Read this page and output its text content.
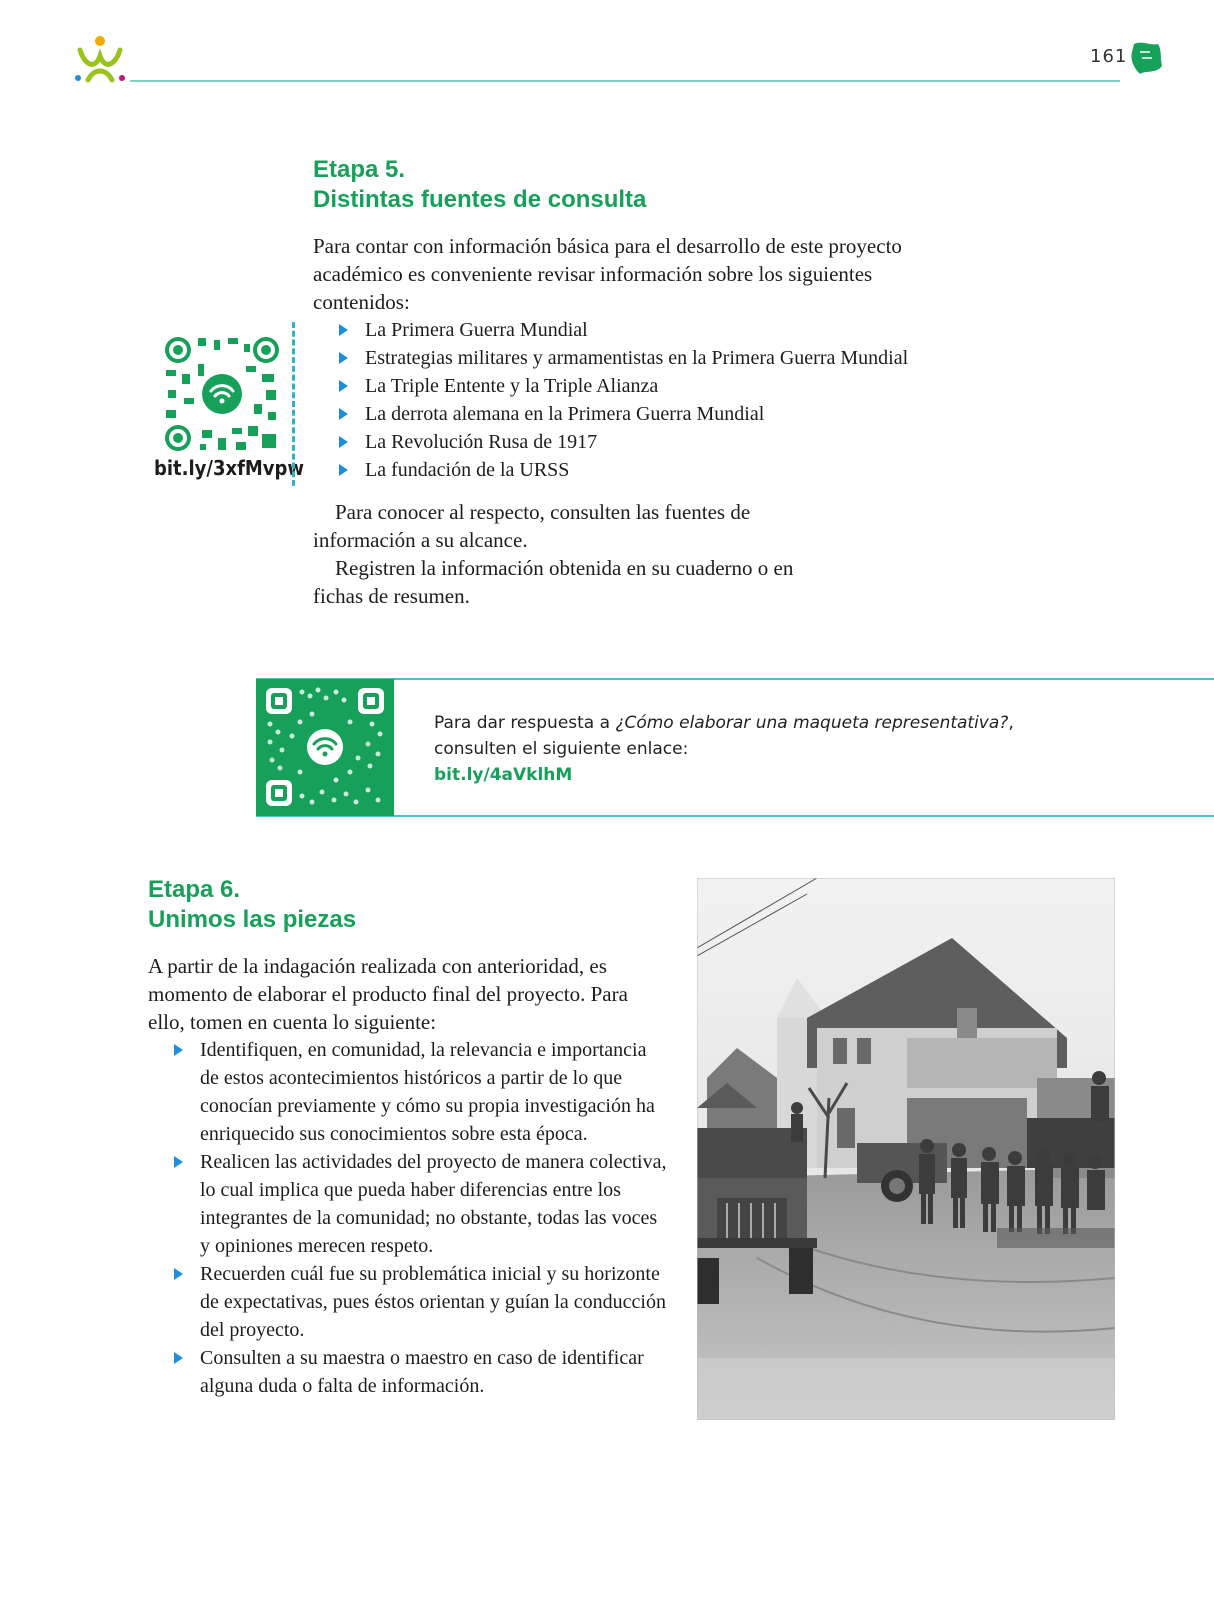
161
Etapa 5.
Distintas fuentes de consulta

Para contar con información básica para el desarrollo de este proyecto académico es conveniente revisar información sobre los siguientes contenidos:

La Primera Guerra Mundial
Estrategias militares y armamentistas en la Primera Guerra Mundial
La Triple Entente y la Triple Alianza
La derrota alemana en la Primera Guerra Mundial
La Revolución Rusa de 1917
La fundación de la URSS

Para conocer al respecto, consulten las fuentes de información a su alcance.

Registren la información obtenida en su cuaderno o en fichas de resumen.

bit.ly/3xfMvpw
Para dar respuesta a ¿Cómo elaborar una maqueta representativa?,
consulten el siguiente enlace:
bit.ly/4aVklhM
Etapa 6.
Unimos las piezas

A partir de la indagación realizada con anterioridad, es momento de elaborar el producto final del proyecto. Para ello, tomen en cuenta lo siguiente:

Identifiquen, en comunidad, la relevancia e importancia de estos acontecimientos históricos a partir de lo que conocían previamente y cómo su propia investigación ha enriquecido sus conocimientos sobre esta época.
Realicen las actividades del proyecto de manera colectiva, lo cual implica que pueda haber diferencias entre los integrantes de la comunidad; no obstante, todas las voces y opiniones merecen respeto.
Recuerden cuál fue su problemática inicial y su horizonte de expectativas, pues éstos orientan y guían la conducción del proyecto.
Consulten a su maestra o maestro en caso de identificar alguna duda o falta de información.
